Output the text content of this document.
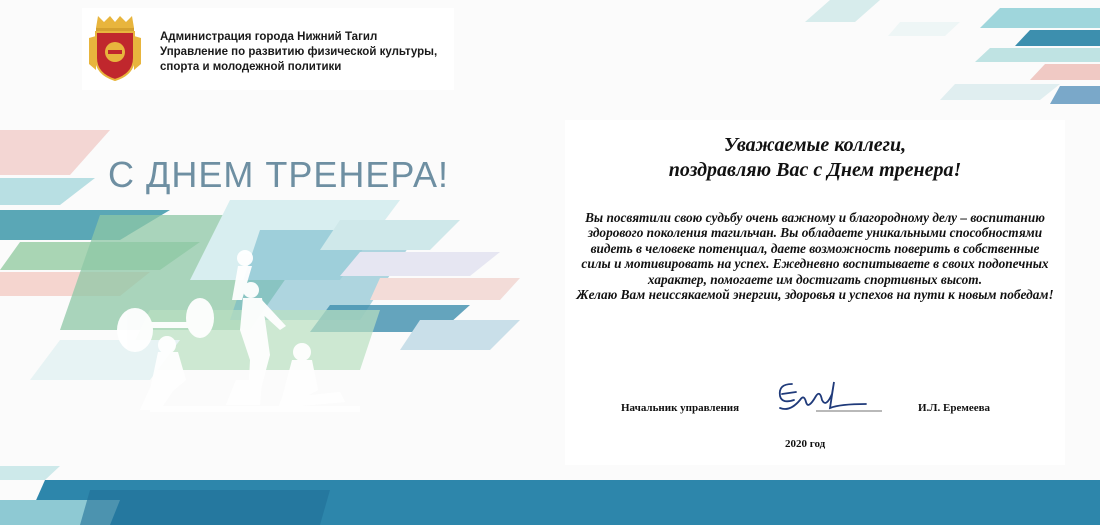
Администрация города Нижний Тагил
Управление по развитию физической культуры,
спорта и молодежной политики
С ДНЕМ ТРЕНЕРА!
Уважаемые коллеги,
поздравляю Вас с Днем тренера!

Вы посвятили свою судьбу очень важному и благородному делу – воспитанию здорового поколения тагильчан. Вы обладаете уникальными способностями видеть в человеке потенциал, даете возможность поверить в собственные силы и мотивировать на успех. Ежедневно воспитываете в своих подопечных характер, помогаете им достигать спортивных высот.

Желаю Вам неиссякаемой энергии, здоровья и успехов на пути к новым победам!

Начальник управления	И.Л. Еремеева
2020 год
